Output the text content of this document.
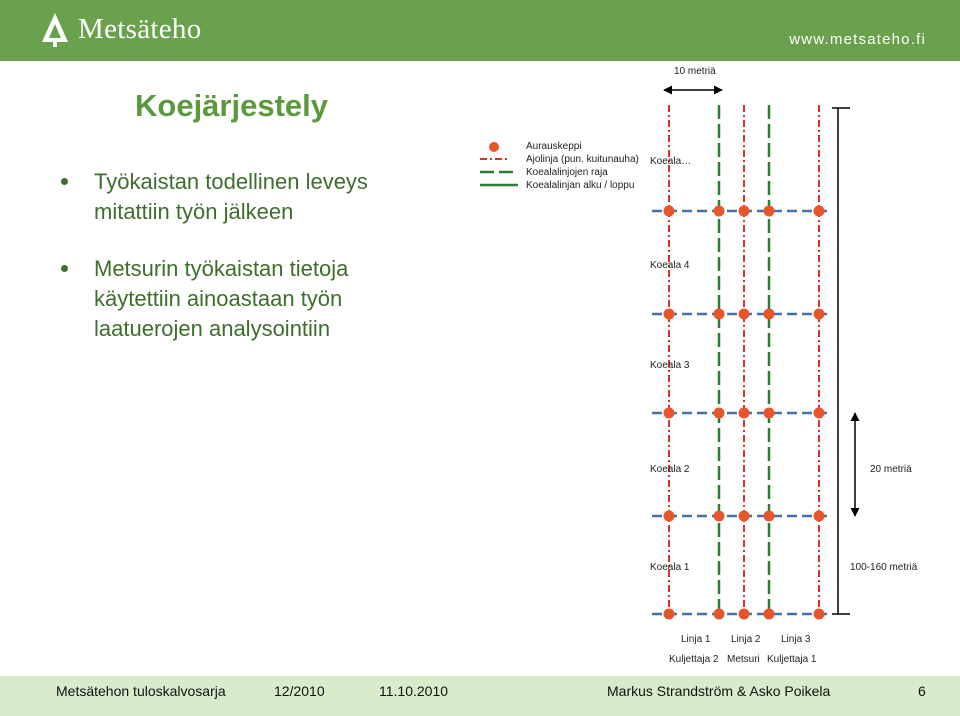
Metsäteho	www.metsateho.fi
Koejärjestely
Työkaistan todellinen leveys mitattiin työn jälkeen
Metsurin työkaistan tietoja käytettiin ainoastaan työn laatuerojen analysointiin
Aurauskeppi
Ajolinja (pun. kuitunauha)
Koealalinjojen raja
Koealalinjan alku / loppu
10 metriä
Koeala…
Koeala 4
Koeala 3
Koeala 2
Koeala 1
20 metriä
100-160 metriä
Linja 1 Linja 2 Linja 3
Kuljettaja 2 Metsuri Kuljettaja 1
Metsätehon tuloskalvosarja	12/2010	11.10.2010	Markus Strandström & Asko Poikela	6
